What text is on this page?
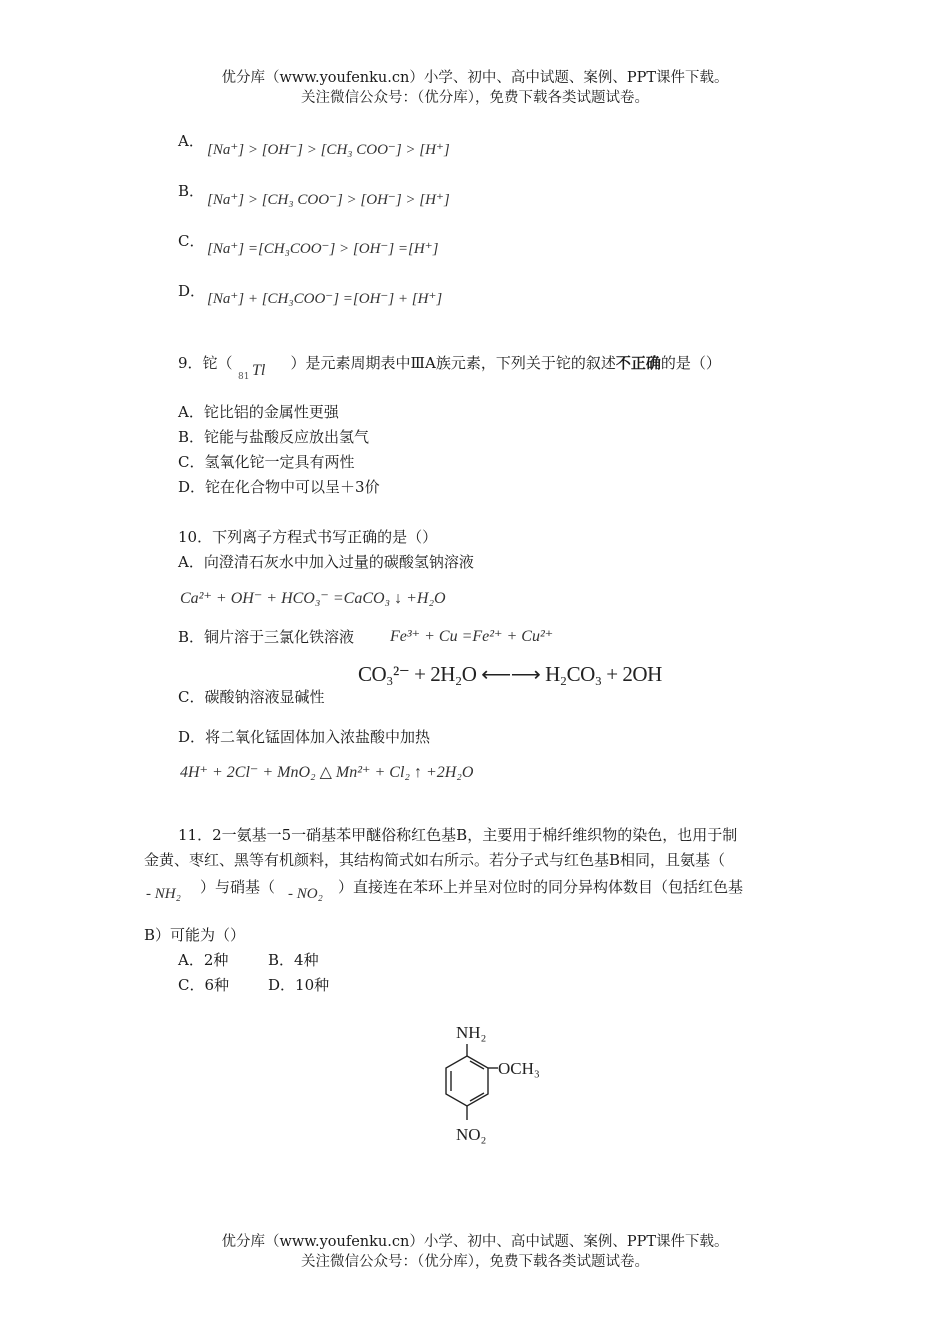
优分库（www.youfenku.cn）小学、初中、高中试题、案例、PPT课件下载。
关注微信公众号：（优分库），免费下载各类试题试卷。
A． [Na⁺] > [OH⁻] > [CH₃ COO⁻] > [H⁺]
B． [Na⁺] > [CH₃ COO⁻] > [OH⁻] > [H⁺]
C． [Na⁺] =[CH₃COO⁻] > [OH⁻] =[H⁺]
D． [Na⁺] + [CH₃COO⁻] =[OH⁻] + [H⁺]
9．铊（	）是元素周期表中ⅢA族元素，下列关于铊的叙述不正确的是（）
81 Tl
A．铊比铝的金属性更强
B．铊能与盐酸反应放出氢气
C．氢氧化铊一定具有两性
D．铊在化合物中可以呈＋3价
10．下列离子方程式书写正确的是（）
A．向澄清石灰水中加入过量的碳酸氢钠溶液
Ca²⁺ + OH⁻ + HCO₃⁻ =CaCO₃ ↓ +H₂O
B．铜片溶于三氯化铁溶液 Fe³⁺ + Cu =Fe²⁺ + Cu²⁺
CO₃²⁻ + 2H₂O ⟵⟶ H₂CO₃ + 2OH
C．碳酸钠溶液显碱性
D．将二氧化锰固体加入浓盐酸中加热
4H⁺ + 2Cl⁻ + MnO₂ △ Mn²⁺ + Cl₂ ↑ +2H₂O
11．2一氨基一5一硝基苯甲醚俗称红色基B，主要用于棉纤维织物的染色，也用于制
金黄、枣红、黑等有机颜料，其结构简式如右所示。若分子式与红色基B相同，且氨基（
- NH₂ ）与硝基（ - NO₂ ）直接连在苯环上并呈对位时的同分异构体数目（包括红色基
B）可能为（）
A．2种	B．4种
C．6种	D．10种
NH₂
OCH₃
NO₂
优分库（www.youfenku.cn）小学、初中、高中试题、案例、PPT课件下载。
关注微信公众号：（优分库），免费下载各类试题试卷。
